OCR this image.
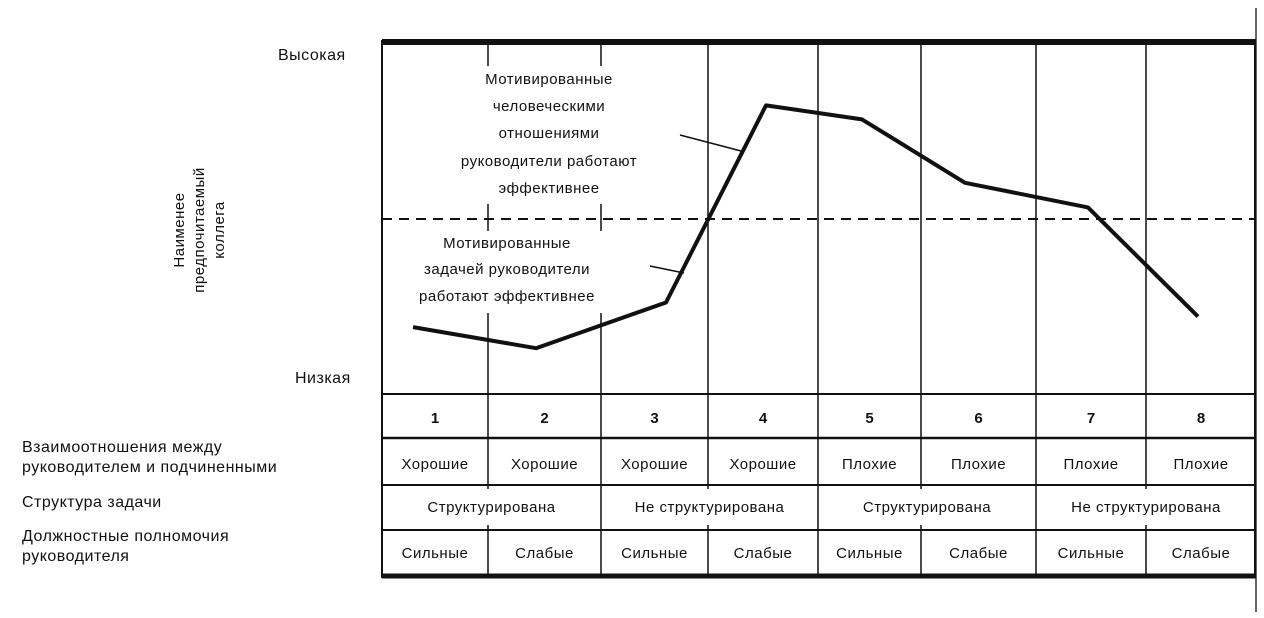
Высокая
Низкая
Наименее предпочитаемый коллега
Взаимоотношения между
руководителем и подчиненными
Структура задачи
Должностные полномочия
руководителя
Мотивированные
человеческими
отношениями
руководители работают
эффективнее
Мотивированные
задачей руководители
работают эффективнее
1	2	3	4	5	6	7	8
Хорошие	Хорошие	Хорошие	Хорошие	Плохие	Плохие	Плохие	Плохие
Структурирована	Не структурирована	Структурирована	Не структурирована
Сильные	Слабые	Сильные	Слабые	Сильные	Слабые	Сильные	Слабые
